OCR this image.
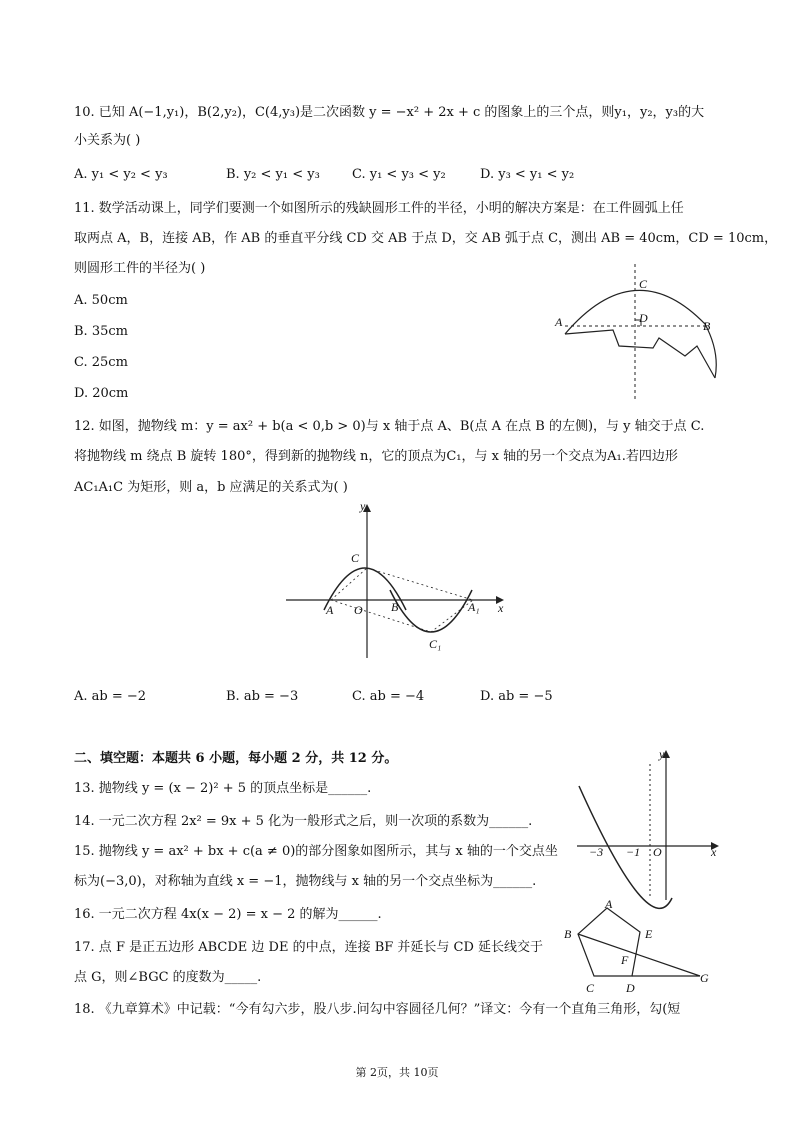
10. 已知 A(−1,y₁)，B(2,y₂)，C(4,y₃)是二次函数 y = −x² + 2x + c 的图象上的三个点，则y₁，y₂，y₃的大
小关系为( )
A. y₁ < y₂ < y₃	B. y₂ < y₁ < y₃ C. y₁ < y₃ < y₂	D. y₃ < y₁ < y₂
11. 数学活动课上，同学们要测一个如图所示的残缺圆形工件的半径，小明的解决方案是：在工件圆弧上任
取两点 A，B，连接 AB，作 AB 的垂直平分线 CD 交 AB 于点 D，交 AB 弧于点 C，测出 AB = 40cm，CD = 10cm，
则圆形工件的半径为( )
A. 50cm
B. 35cm
C. 25cm
D. 20cm
A	B
C
D
12. 如图，抛物线 m：y = ax² + b(a < 0,b > 0)与 x 轴于点 A、B(点 A 在点 B 的左侧)，与 y 轴交于点 C.
将抛物线 m 绕点 B 旋转 180°，得到新的抛物线 n，它的顶点为C₁，与 x 轴的另一个交点为A₁.若四边形
AC₁A₁C 为矩形，则 a，b 应满足的关系式为( )
y
x
C
A O B	A₁
C₁
A. ab = −2	B. ab = −3	C. ab = −4	D. ab = −5
二、填空题：本题共 6 小题，每小题 2 分，共 12 分。
13. 抛物线 y = (x − 2)² + 5 的顶点坐标是______.
14. 一元二次方程 2x² = 9x + 5 化为一般形式之后，则一次项的系数为______.
15. 抛物线 y = ax² + bx + c(a ≠ 0)的部分图象如图所示，其与 x 轴的一个交点坐
标为(−3,0)，对称轴为直线 x = −1，抛物线与 x 轴的另一个交点坐标为______.
y
x
−3 −1 O
16. 一元二次方程 4x(x − 2) = x − 2 的解为______.
17. 点 F 是正五边形 ABCDE 边 DE 的中点，连接 BF 并延长与 CD 延长线交于
点 G，则∠BGC 的度数为_____.
A
B
C	D
E
F
G
18. 《九章算术》中记载：“今有勾六步，股八步.问勾中容圆径几何？”译文：今有一个直角三角形，勾(短
第 2页，共 10页
